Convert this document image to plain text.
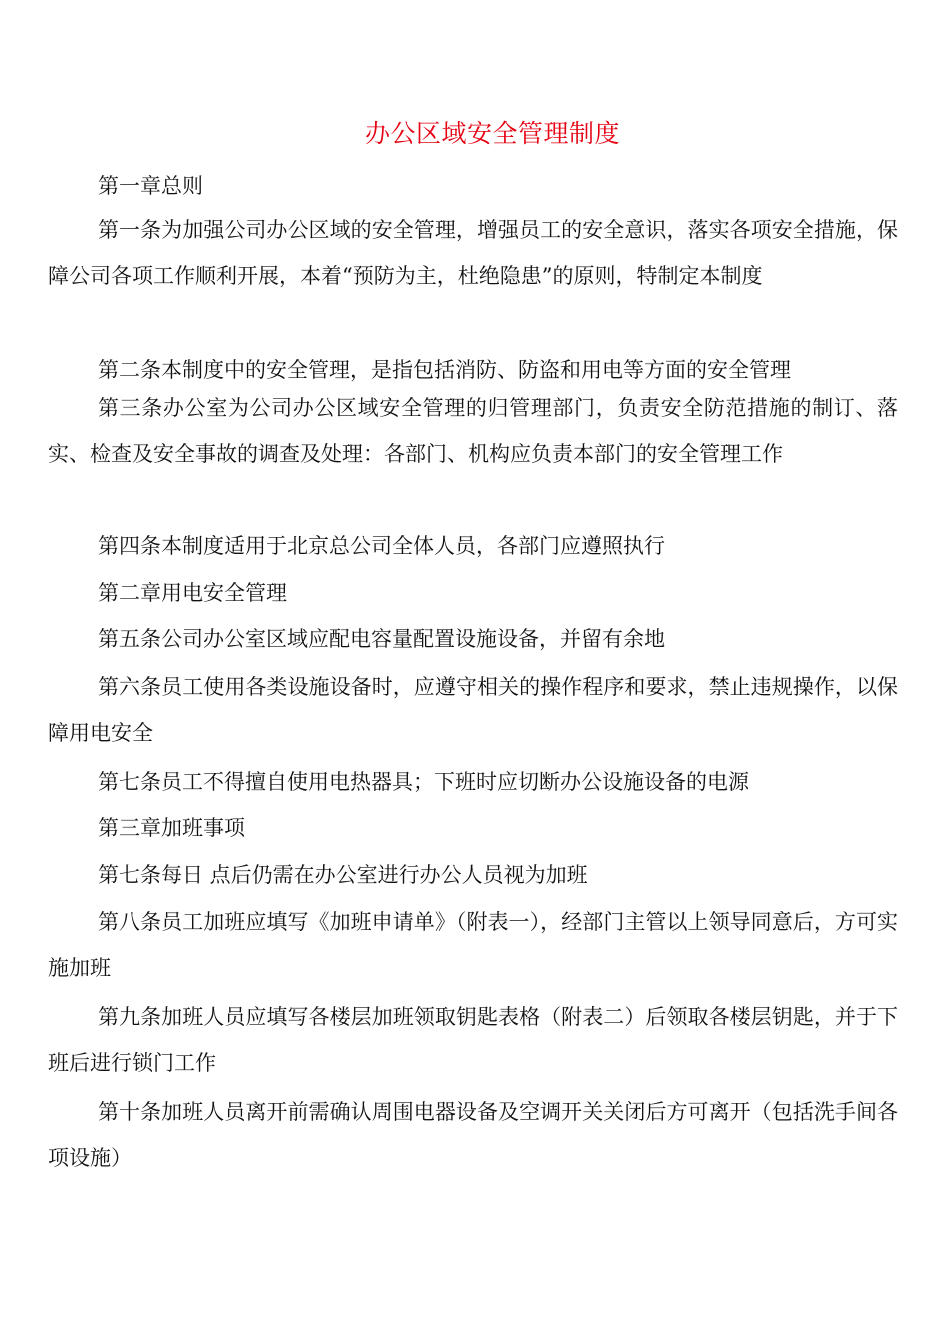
办公区域安全管理制度

第一章总则

第一条为加强公司办公区域的安全管理，增强员工的安全意识，落实各项安全措施，保障公司各项工作顺利开展，本着“预防为主，杜绝隐患”的原则，特制定本制度

第二条本制度中的安全管理，是指包括消防、防盗和用电等方面的安全管理

第三条办公室为公司办公区域安全管理的归管理部门，负责安全防范措施的制订、落实、检查及安全事故的调查及处理：各部门、机构应负责本部门的安全管理工作

第四条本制度适用于北京总公司全体人员，各部门应遵照执行

第二章用电安全管理

第五条公司办公室区域应配电容量配置设施设备，并留有余地

第六条员工使用各类设施设备时，应遵守相关的操作程序和要求，禁止违规操作，以保障用电安全

第七条员工不得擅自使用电热器具；下班时应切断办公设施设备的电源

第三章加班事项

第七条每日 点后仍需在办公室进行办公人员视为加班

第八条员工加班应填写《加班申请单》（附表一），经部门主管以上领导同意后，方可实施加班

第九条加班人员应填写各楼层加班领取钥匙表格（附表二）后领取各楼层钥匙，并于下班后进行锁门工作

第十条加班人员离开前需确认周围电器设备及空调开关关闭后方可离开（包括洗手间各项设施）
